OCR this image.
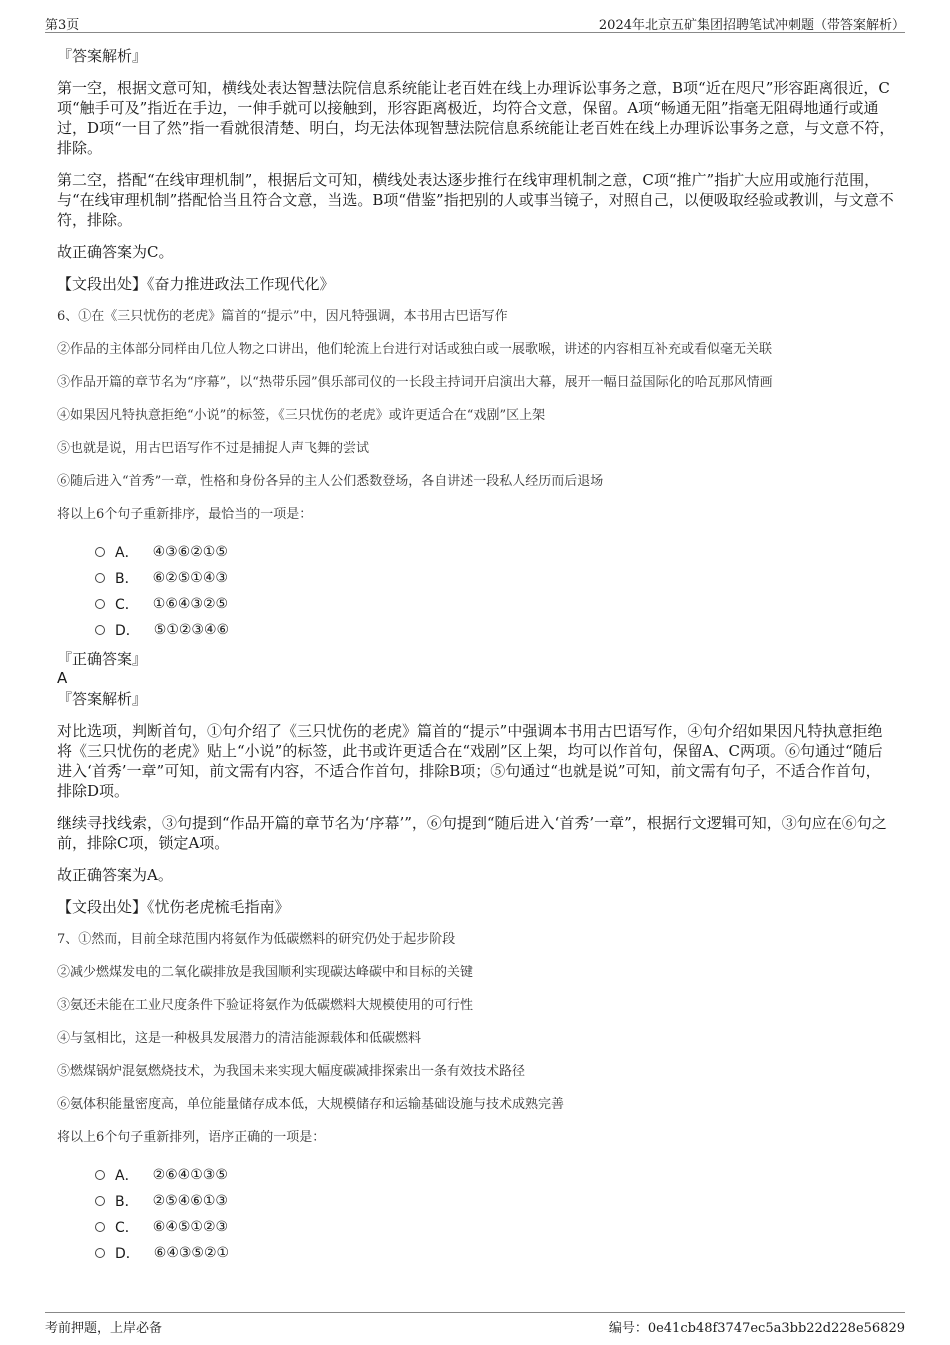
第3页	2024年北京五矿集团招聘笔试冲刺题（带答案解析）
『答案解析』

第一空，根据文意可知，横线处表达智慧法院信息系统能让老百姓在线上办理诉讼事务之意，B项“近在咫尺”形容距离很近，C项“触手可及”指近在手边，一伸手就可以接触到，形容距离极近，均符合文意，保留。A项“畅通无阻”指毫无阻碍地通行或通过，D项“一目了然”指一看就很清楚、明白，均无法体现智慧法院信息系统能让老百姓在线上办理诉讼事务之意，与文意不符，排除。

第二空，搭配“在线审理机制”，根据后文可知，横线处表达逐步推行在线审理机制之意，C项“推广”指扩大应用或施行范围，与“在线审理机制”搭配恰当且符合文意，当选。B项“借鉴”指把别的人或事当镜子，对照自己，以便吸取经验或教训，与文意不符，排除。

故正确答案为C。

【文段出处】《奋力推进政法工作现代化》

6、①在《三只忧伤的老虎》篇首的“提示”中，因凡特强调，本书用古巴语写作

②作品的主体部分同样由几位人物之口讲出，他们轮流上台进行对话或独白或一展歌喉，讲述的内容相互补充或看似毫无关联

③作品开篇的章节名为“序幕”，以“热带乐园”俱乐部司仪的一长段主持词开启演出大幕，展开一幅日益国际化的哈瓦那风情画

④如果因凡特执意拒绝“小说”的标签，《三只忧伤的老虎》或许更适合在“戏剧”区上架

⑤也就是说，用古巴语写作不过是捕捉人声飞舞的尝试

⑥随后进入“首秀”一章，性格和身份各异的主人公们悉数登场，各自讲述一段私人经历而后退场

将以上6个句子重新排序，最恰当的一项是：

A． ④③⑥②①⑤
B． ⑥②⑤①④③
C． ①⑥④③②⑤
D． ⑤①②③④⑥
『正确答案』
A
『答案解析』

对比选项，判断首句，①句介绍了《三只忧伤的老虎》篇首的“提示”中强调本书用古巴语写作，④句介绍如果因凡特执意拒绝将《三只忧伤的老虎》贴上“小说”的标签，此书或许更适合在“戏剧”区上架，均可以作首句，保留A、C两项。⑥句通过“随后进入‘首秀’一章”可知，前文需有内容，不适合作首句，排除B项；⑤句通过“也就是说”可知，前文需有句子，不适合作首句，排除D项。

继续寻找线索，③句提到“作品开篇的章节名为‘序幕’”，⑥句提到“随后进入‘首秀’一章”，根据行文逻辑可知，③句应在⑥句之前，排除C项，锁定A项。

故正确答案为A。

【文段出处】《忧伤老虎梳毛指南》

7、①然而，目前全球范围内将氨作为低碳燃料的研究仍处于起步阶段

②减少燃煤发电的二氧化碳排放是我国顺利实现碳达峰碳中和目标的关键

③氨还未能在工业尺度条件下验证将氨作为低碳燃料大规模使用的可行性

④与氢相比，这是一种极具发展潜力的清洁能源载体和低碳燃料

⑤燃煤锅炉混氨燃烧技术，为我国未来实现大幅度碳减排探索出一条有效技术路径

⑥氨体积能量密度高，单位能量储存成本低，大规模储存和运输基础设施与技术成熟完善

将以上6个句子重新排列，语序正确的一项是：

A． ②⑥④①③⑤
B． ②⑤④⑥①③
C． ⑥④⑤①②③
D． ⑥④③⑤②①
考前押题，上岸必备	编号：0e41cb48f3747ec5a3bb22d228e56829
